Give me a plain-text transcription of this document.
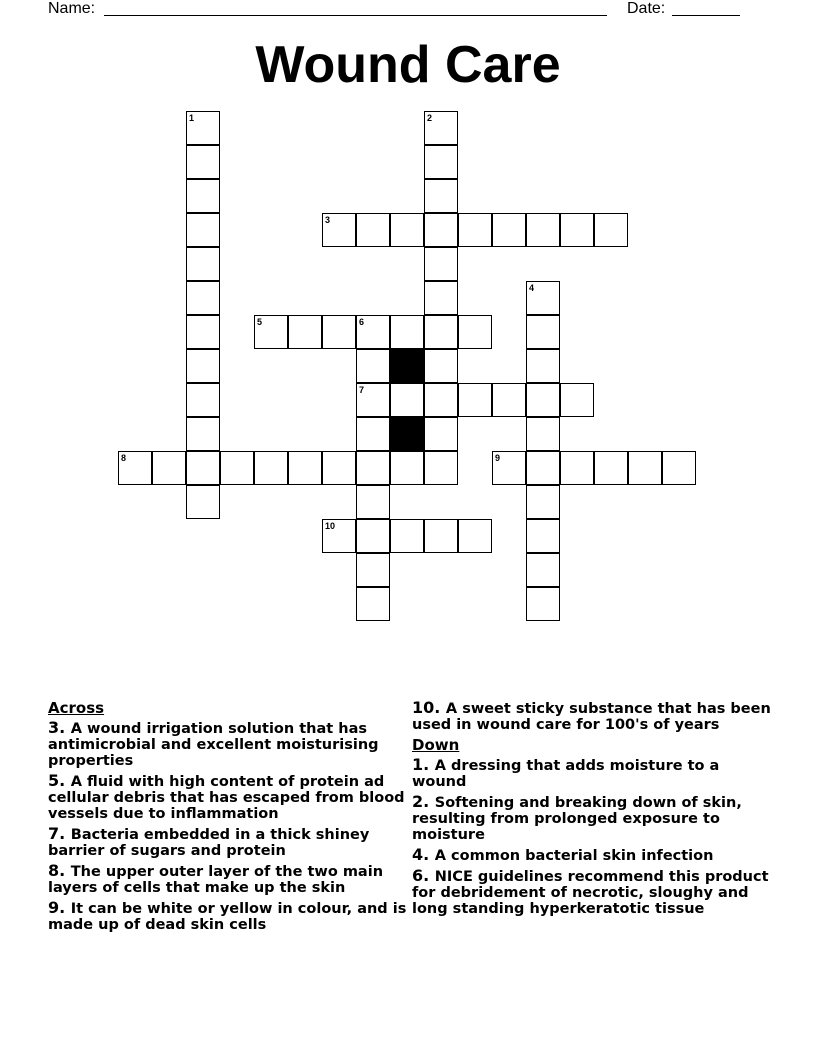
Name:	Date:
Wound Care
1	2
3
4
5	6
7
8	9
10
Across
3. A wound irrigation solution that has antimicrobial and excellent moisturising properties
5. A fluid with high content of protein ad cellular debris that has escaped from blood vessels due to inflammation
7. Bacteria embedded in a thick shiney barrier of sugars and protein
8. The upper outer layer of the two main layers of cells that make up the skin
9. It can be white or yellow in colour, and is made up of dead skin cells
10. A sweet sticky substance that has been used in wound care for 100's of years
Down
1. A dressing that adds moisture to a wound
2. Softening and breaking down of skin, resulting from prolonged exposure to moisture
4. A common bacterial skin infection
6. NICE guidelines recommend this product for debridement of necrotic, sloughy and long standing hyperkeratotic tissue
